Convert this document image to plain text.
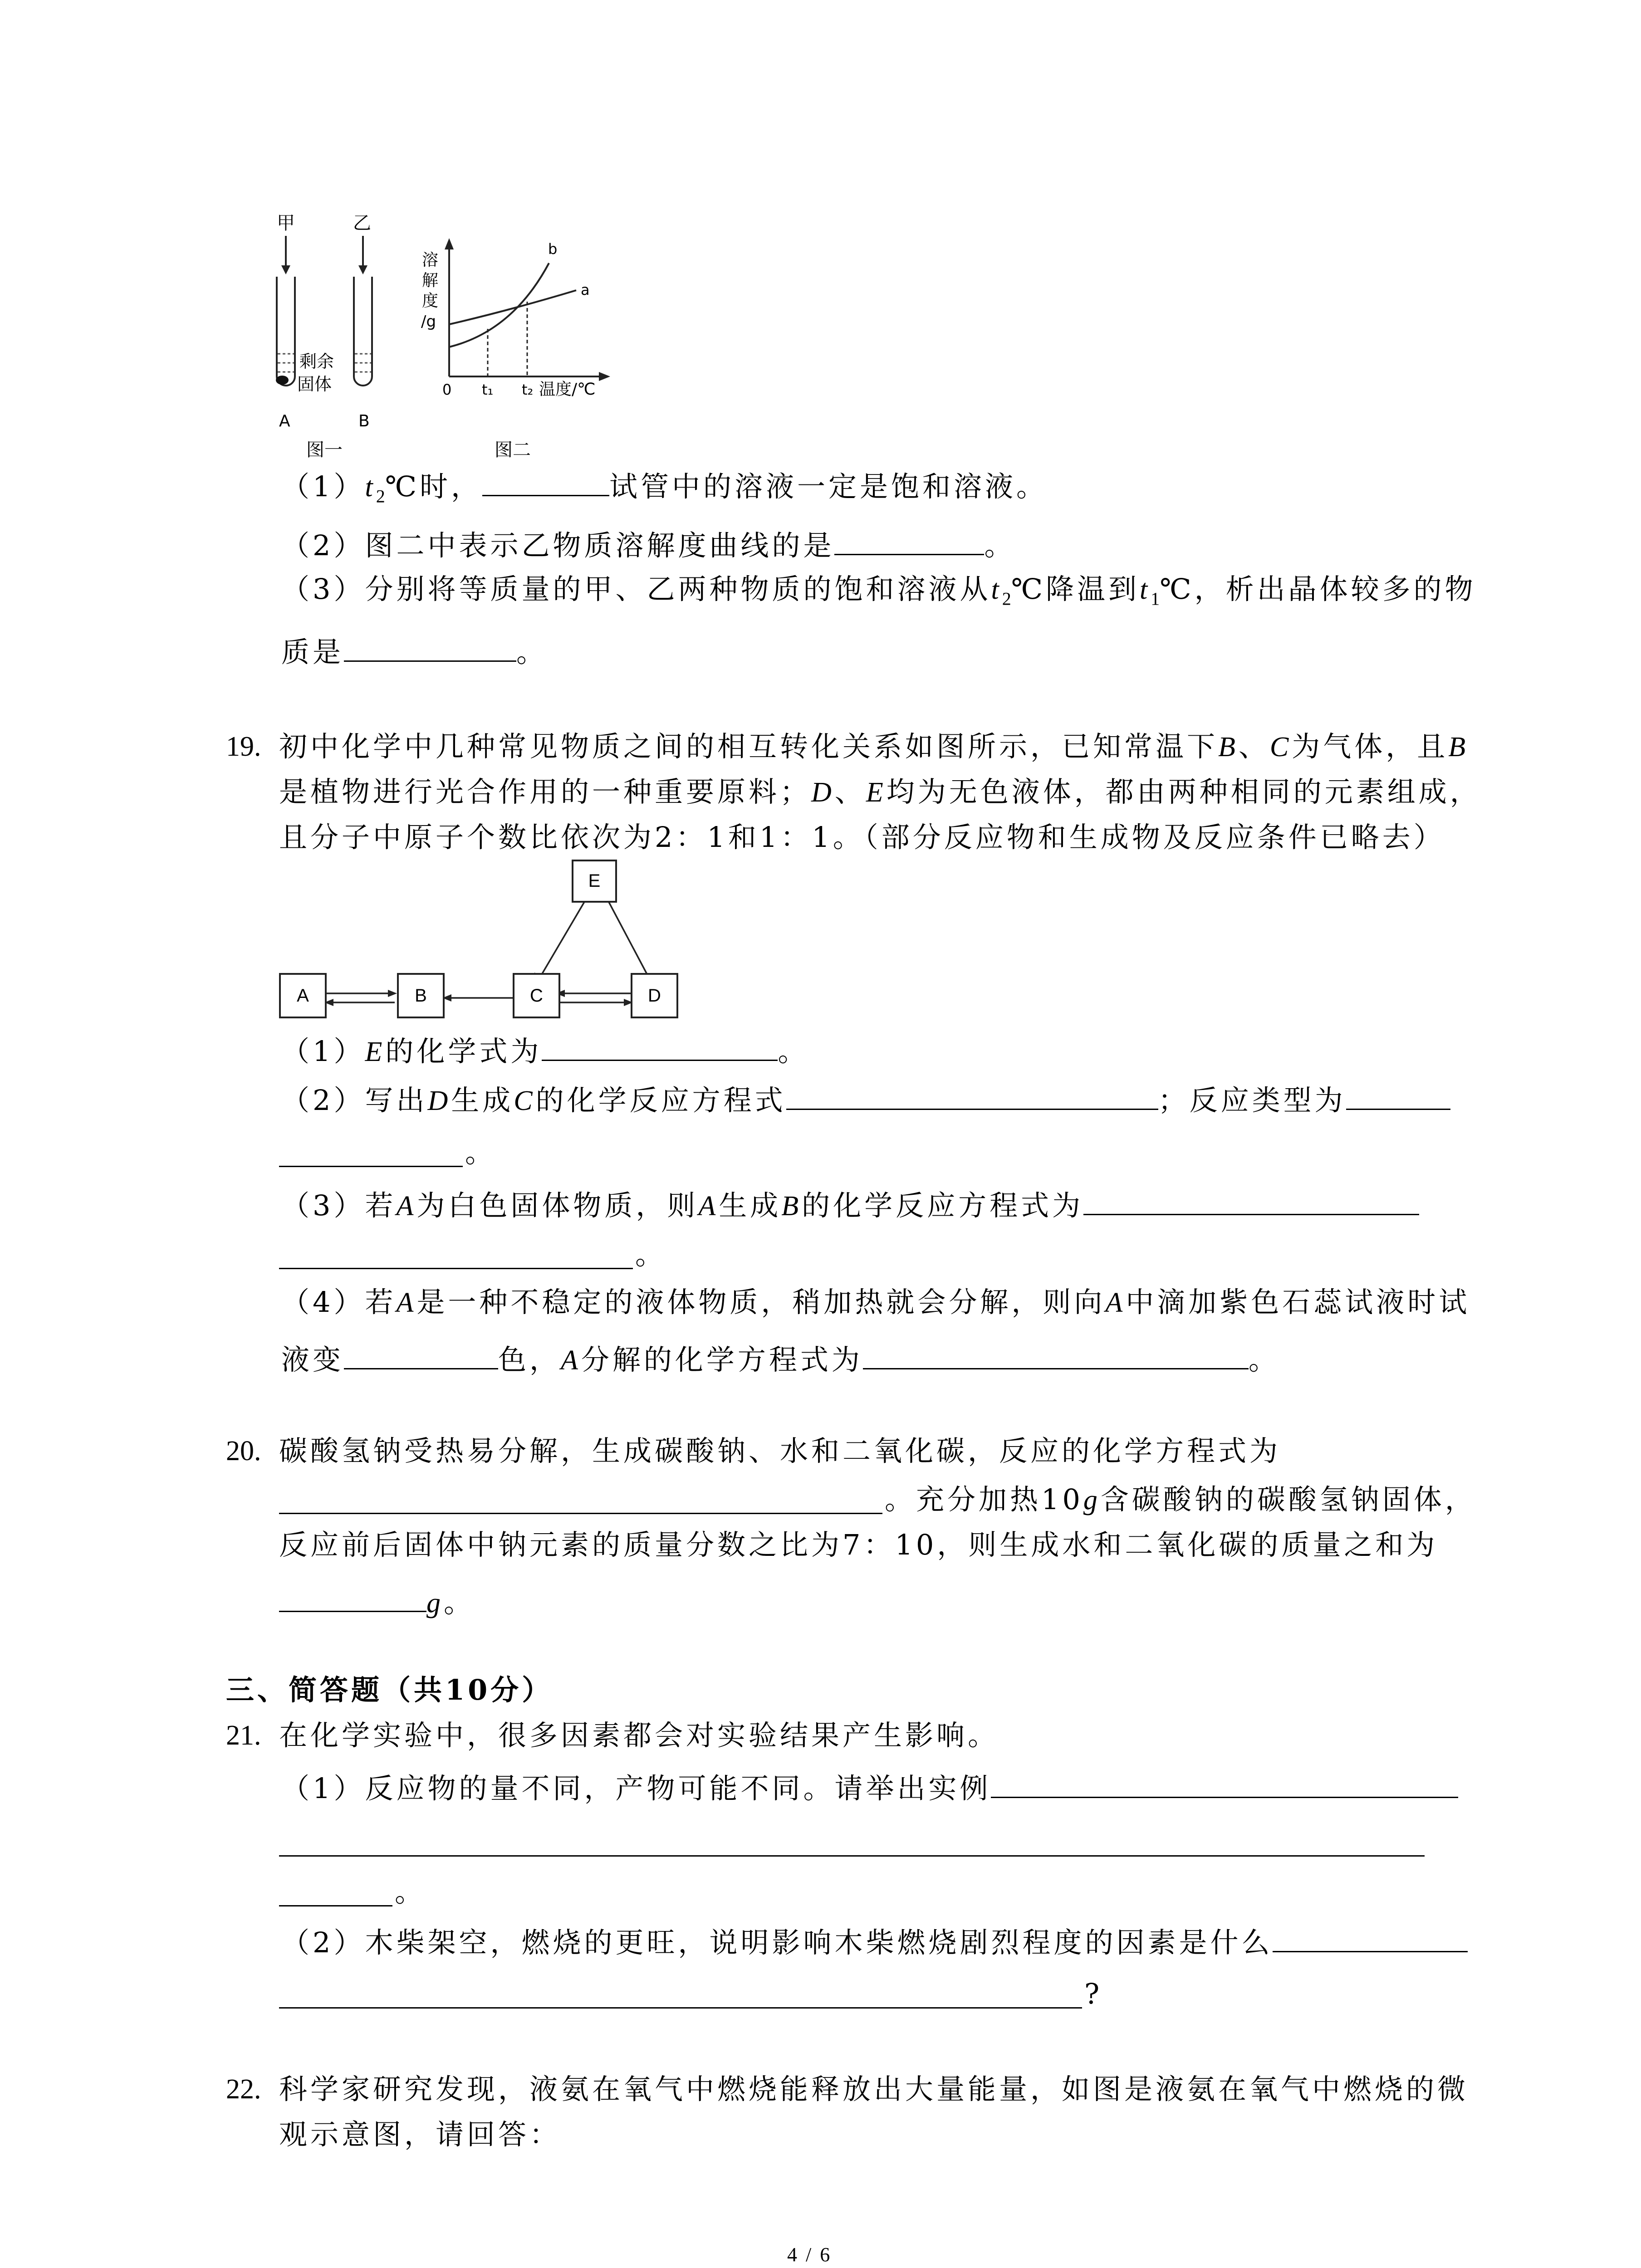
甲	乙
剩余
固体
A	B
图一
溶
解
度
/g
a
b
0 t₁ t₂ 温度/℃
图二
$(1)t_2℃$时，	试管中的溶液一定是饱和溶液。
（2）图二中表示乙物质溶解度曲线的是	。
（3）分别将等质量的甲、乙两种物质的饱和溶液从$t_2℃$降温到$t_1℃$，析出晶体较多的物
质是	。
19. 初中化学中几种常见物质之间的相互转化关系如图所示，已知常温下B、C为气体，且B
是植物进行光合作用的一种重要原料；D、E均为无色液体，都由两种相同的元素组成，
且分子中原子个数比依次为2：1和1：1。（部分反应物和生成物及反应条件已略去）
E
A	B	C	D
（1）E的化学式为	。
（2）写出D生成C的化学反应方程式	；反应类型为
。
（3）若A为白色固体物质，则A生成B的化学反应方程式为
。
（4）若A是一种不稳定的液体物质，稍加热就会分解，则向A中滴加紫色石蕊试液时试
液变	色，A分解的化学方程式为	。
20. 碳酸氢钠受热易分解，生成碳酸钠、水和二氧化碳，反应的化学方程式为
。充分加热10g含碳酸钠的碳酸氢钠固体，
反应前后固体中钠元素的质量分数之比为7：10，则生成水和二氧化碳的质量之和为
g。
三、简答题（共10分）
21. 在化学实验中，很多因素都会对实验结果产生影响。
（1）反应物的量不同，产物可能不同。请举出实例
。
（2）木柴架空，燃烧的更旺，说明影响木柴燃烧剧烈程度的因素是什么
?
22. 科学家研究发现，液氨在氧气中燃烧能释放出大量能量，如图是液氨在氧气中燃烧的微
观示意图，请回答：
4 / 6
